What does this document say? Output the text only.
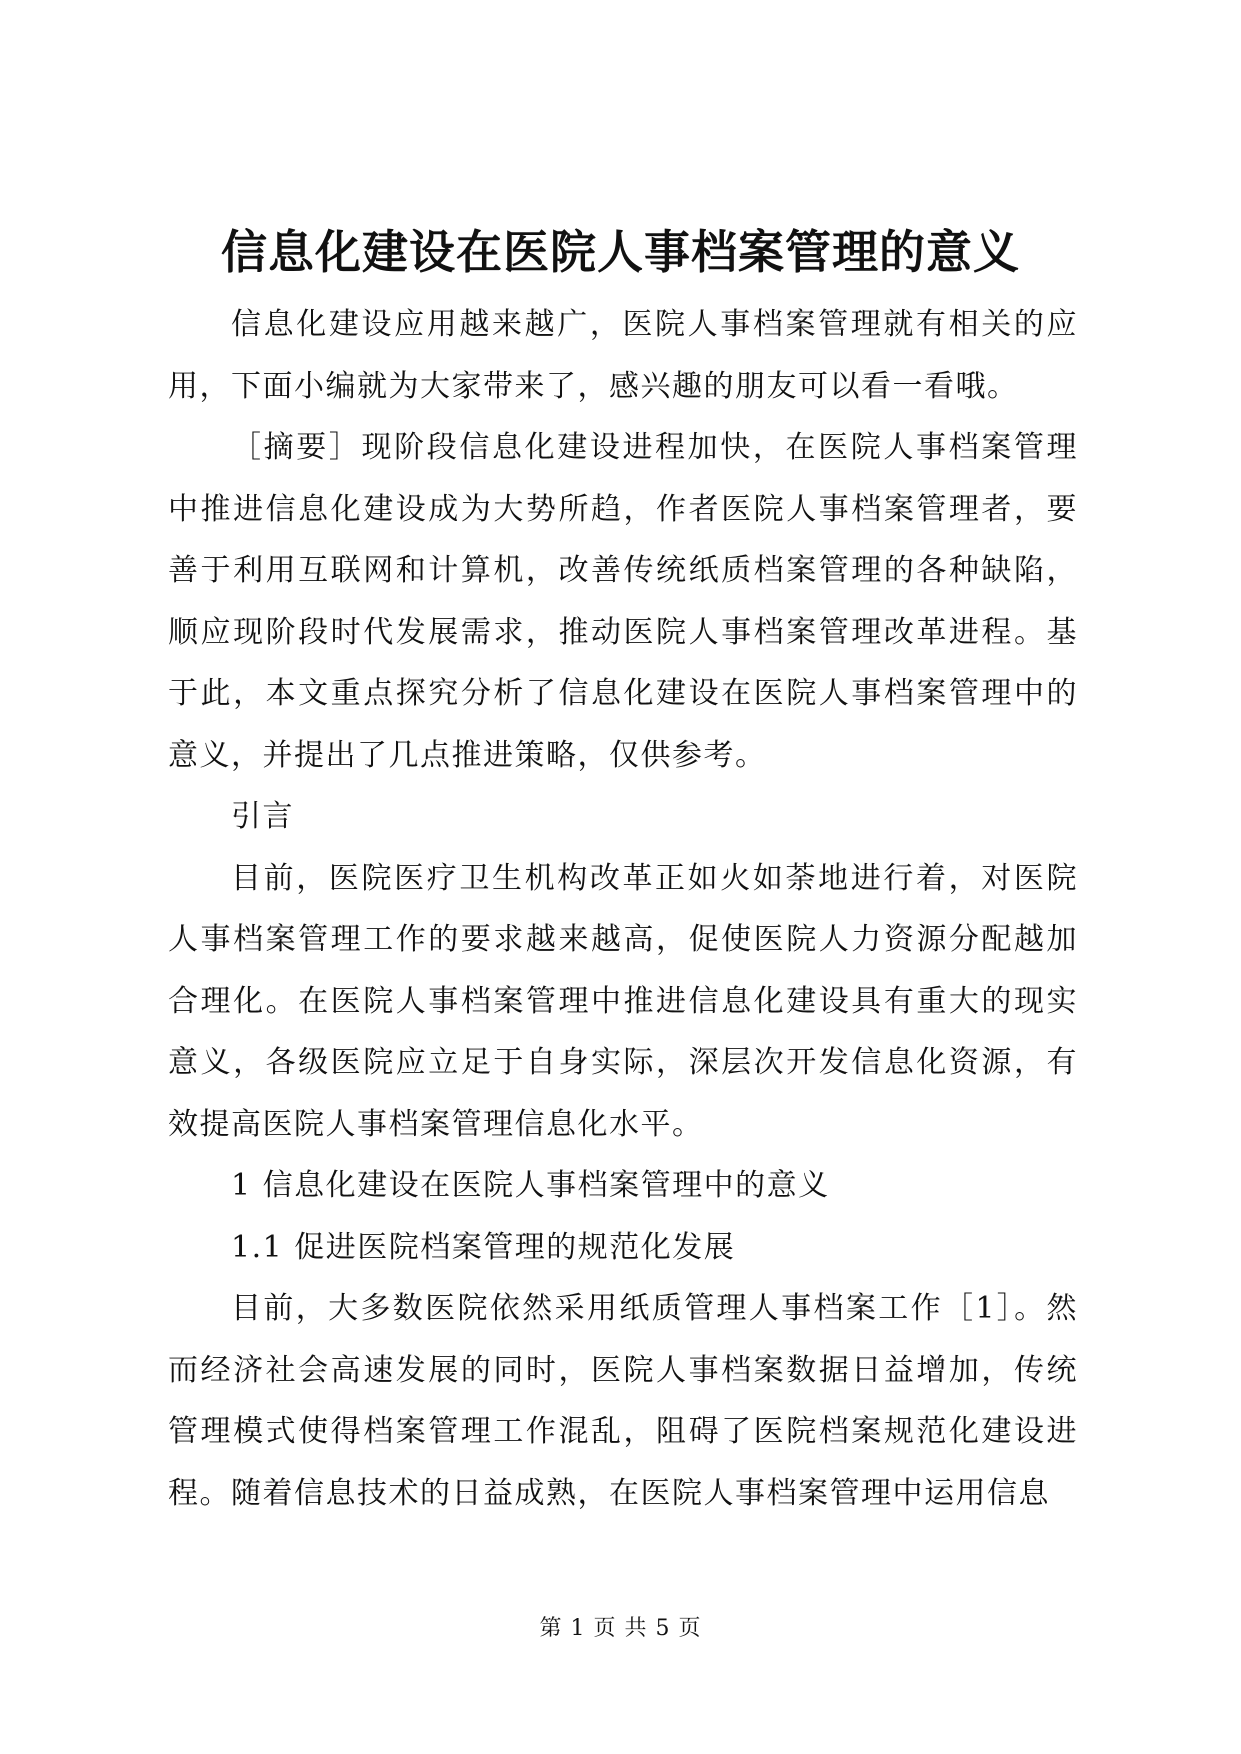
信息化建设在医院人事档案管理的意义

信息化建设应用越来越广，医院人事档案管理就有相关的应用，下面小编就为大家带来了，感兴趣的朋友可以看一看哦。

［摘要］现阶段信息化建设进程加快，在医院人事档案管理中推进信息化建设成为大势所趋，作者医院人事档案管理者，要善于利用互联网和计算机，改善传统纸质档案管理的各种缺陷，顺应现阶段时代发展需求，推动医院人事档案管理改革进程。基于此，本文重点探究分析了信息化建设在医院人事档案管理中的意义，并提出了几点推进策略，仅供参考。

引言

目前，医院医疗卫生机构改革正如火如荼地进行着，对医院人事档案管理工作的要求越来越高，促使医院人力资源分配越加合理化。在医院人事档案管理中推进信息化建设具有重大的现实意义，各级医院应立足于自身实际，深层次开发信息化资源，有效提高医院人事档案管理信息化水平。

1 信息化建设在医院人事档案管理中的意义

1.1 促进医院档案管理的规范化发展

目前，大多数医院依然采用纸质管理人事档案工作［1］。然而经济社会高速发展的同时，医院人事档案数据日益增加，传统管理模式使得档案管理工作混乱，阻碍了医院档案规范化建设进程。随着信息技术的日益成熟，在医院人事档案管理中运用信息

第 1 页 共 5 页
